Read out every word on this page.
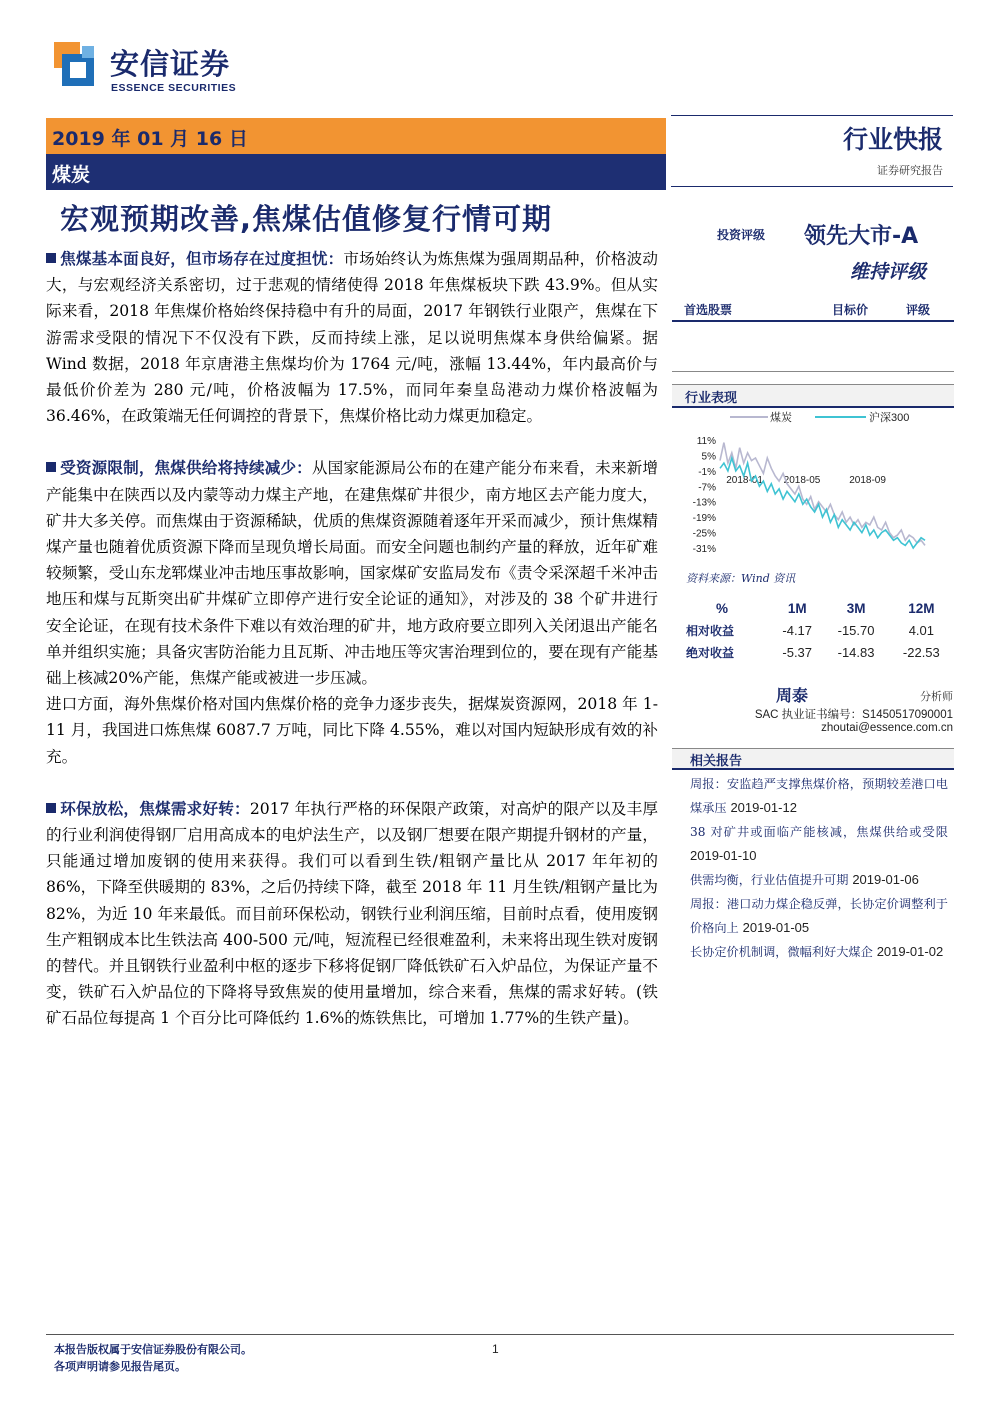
安信证券
ESSENCE SECURITIES
2019 年 01 月 16 日
煤炭
行业快报
证券研究报告
宏观预期改善,焦煤估值修复行情可期

焦煤基本面良好，但市场存在过度担忧：市场始终认为炼焦煤为强周期品种，价格波动大，与宏观经济关系密切，过于悲观的情绪使得 2018 年焦煤板块下跌 43.9%。但从实际来看，2018 年焦煤价格始终保持稳中有升的局面，2017 年钢铁行业限产，焦煤在下游需求受限的情况下不仅没有下跌，反而持续上涨，足以说明焦煤本身供给偏紧。据 Wind 数据，2018 年京唐港主焦煤均价为 1764 元/吨，涨幅 13.44%，年内最高价与最低价价差为 280 元/吨，价格波幅为 17.5%，而同年秦皇岛港动力煤价格波幅为 36.46%，在政策端无任何调控的背景下，焦煤价格比动力煤更加稳定。

受资源限制，焦煤供给将持续减少：从国家能源局公布的在建产能分布来看，未来新增产能集中在陕西以及内蒙等动力煤主产地，在建焦煤矿井很少，南方地区去产能力度大，矿井大多关停。而焦煤由于资源稀缺，优质的焦煤资源随着逐年开采而减少，预计焦煤精煤产量也随着优质资源下降而呈现负增长局面。而安全问题也制约产量的释放，近年矿难较频繁，受山东龙郓煤业冲击地压事故影响，国家煤矿安监局发布《责令采深超千米冲击地压和煤与瓦斯突出矿井煤矿立即停产进行安全论证的通知》，对涉及的 38 个矿井进行安全论证，在现有技术条件下难以有效治理的矿井，地方政府要立即列入关闭退出产能名单并组织实施；具备灾害防治能力且瓦斯、冲击地压等灾害治理到位的，要在现有产能基础上核减20%产能，焦煤产能或被进一步压减。

进口方面，海外焦煤价格对国内焦煤价格的竞争力逐步丧失，据煤炭资源网，2018 年 1-11 月，我国进口炼焦煤 6087.7 万吨，同比下降 4.55%，难以对国内短缺形成有效的补充。

环保放松，焦煤需求好转：2017 年执行严格的环保限产政策，对高炉的限产以及丰厚的行业利润使得钢厂启用高成本的电炉法生产，以及钢厂想要在限产期提升钢材的产量，只能通过增加废钢的使用来获得。我们可以看到生铁/粗钢产量比从 2017 年年初的 86%，下降至供暖期的 83%，之后仍持续下降，截至 2018 年 11 月生铁/粗钢产量比为 82%，为近 10 年来最低。而目前环保松动，钢铁行业利润压缩，目前时点看，使用废钢生产粗钢成本比生铁法高 400-500 元/吨，短流程已经很难盈利，未来将出现生铁对废钢的替代。并且钢铁行业盈利中枢的逐步下移将促钢厂降低铁矿石入炉品位，为保证产量不变，铁矿石入炉品位的下降将导致焦炭的使用量增加，综合来看，焦煤的需求好转。(铁矿石品位每提高 1 个百分比可降低约 1.6%的炼铁焦比，可增加 1.77%的生铁产量)。

投资评级 领先大市-A
维持评级
首选股票	目标价	评级
行业表现
煤炭	沪深300
11%
5%
-1%
-7%
-13%
-19%
-25%
-31%
2018-01 2018-05	2018-09
资料来源：Wind 资讯
%	1M	3M	12M
相对收益	-4.17	-15.70	4.01
绝对收益	-5.37	-14.83	-22.53
周泰	分析师
SAC 执业证书编号：S1450517090001
zhoutai@essence.com.cn
相关报告
周报：安监趋严支撑焦煤价格，预期较差港口电煤承压 2019-01-12
38 对矿井或面临产能核减，焦煤供给或受限 2019-01-10
供需均衡，行业估值提升可期 2019-01-06
周报：港口动力煤企稳反弹，长协定价调整利于价格向上 2019-01-05
长协定价机制调，微幅利好大煤企 2019-01-02
本报告版权属于安信证券股份有限公司。
各项声明请参见报告尾页。
1
